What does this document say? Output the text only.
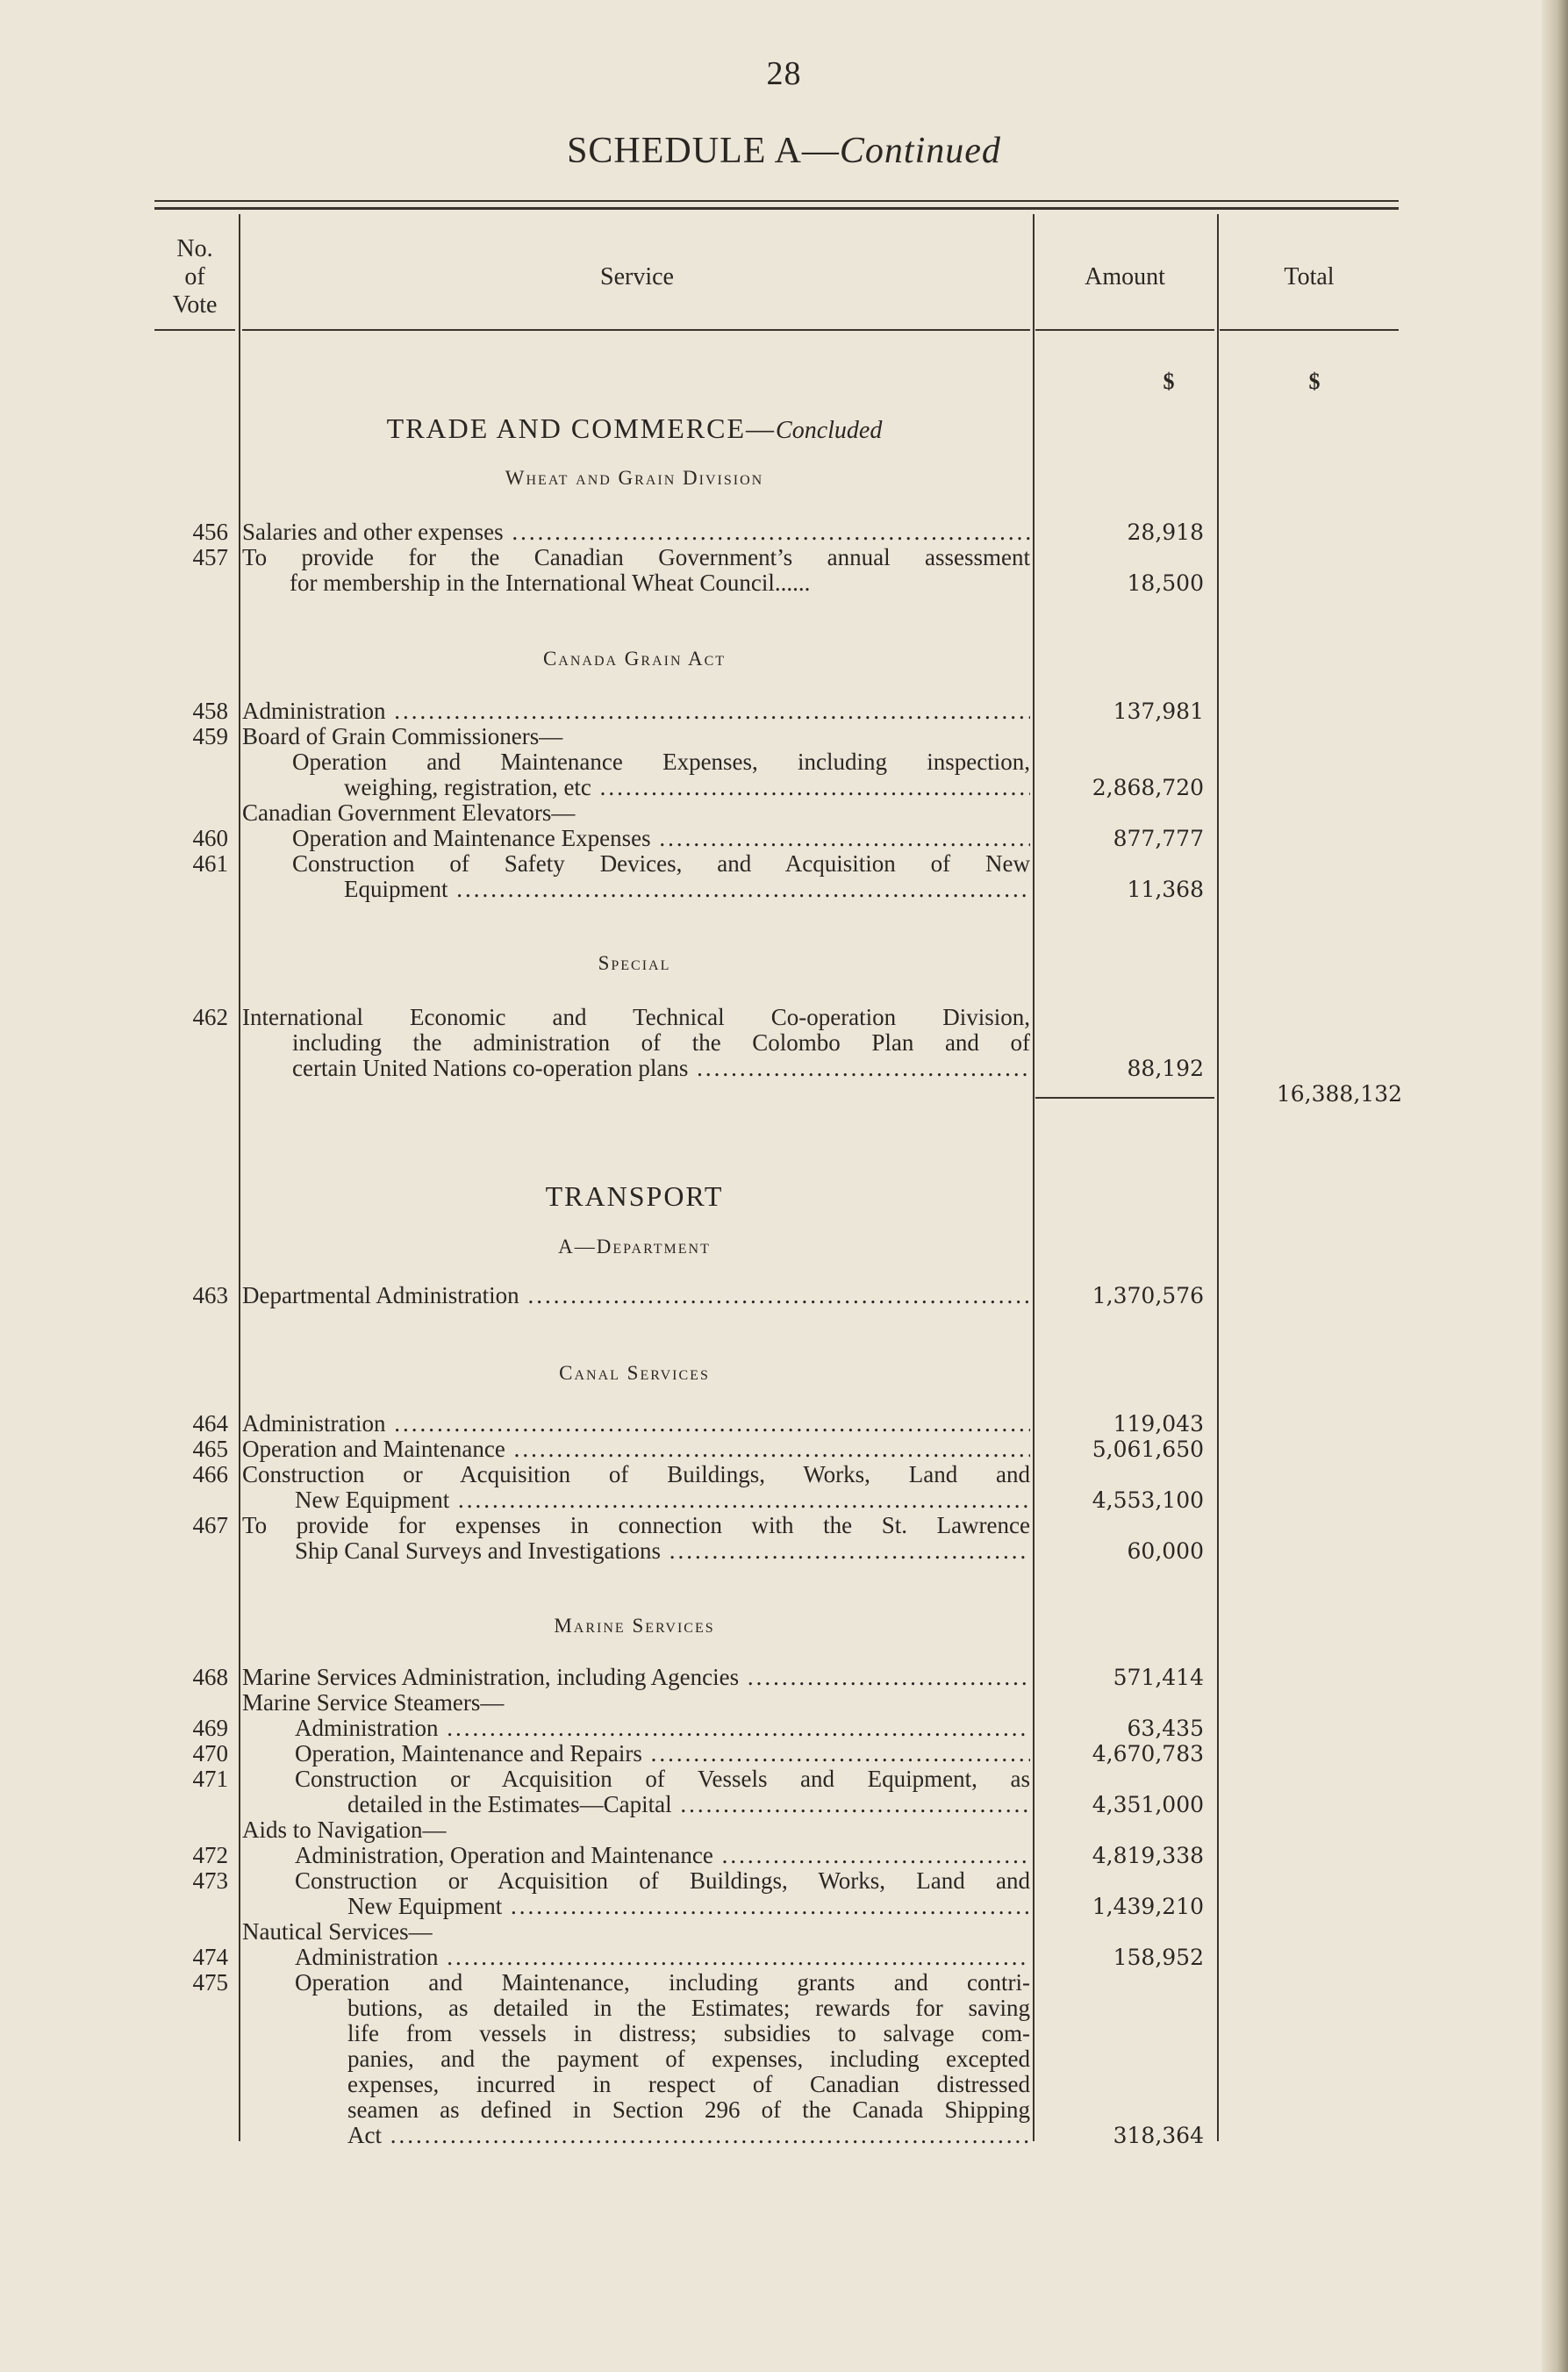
28
SCHEDULE A—Continued
No.
of
Vote
Service	Amount	Total
$	$
TRADE AND COMMERCE—Concluded
Wheat and Grain Division
456 Salaries and other expenses .....	28,918
457 To provide for the Canadian Government’s annual assessment
for membership in the International Wheat Council......	18,500
Canada Grain Act
458 Administration .....	137,981
459 Board of Grain Commissioners—
Operation and Maintenance Expenses, including inspection,
weighing, registration, etc .....	2,868,720
Canadian Government Elevators—
460	Operation and Maintenance Expenses .....	877,777
461	Construction of Safety Devices, and Acquisition of New
Equipment .....	11,368
Special
462 International Economic and Technical Co-operation Division,
including the administration of the Colombo Plan and of
certain United Nations co-operation plans .....	88,192
16,388,132
TRANSPORT
A—Department
463 Departmental Administration .....	1,370,576
Canal Services
464 Administration .....	119,043
465 Operation and Maintenance .....	5,061,650
466 Construction or Acquisition of Buildings, Works, Land and
New Equipment .....	4,553,100
467 To provide for expenses in connection with the St. Lawrence
Ship Canal Surveys and Investigations .....	60,000
Marine Services
468 Marine Services Administration, including Agencies .....	571,414
Marine Service Steamers—
469	Administration .....	63,435
470	Operation, Maintenance and Repairs .....	4,670,783
471	Construction or Acquisition of Vessels and Equipment, as
detailed in the Estimates—Capital .....	4,351,000
Aids to Navigation—
472	Administration, Operation and Maintenance .....	4,819,338
473	Construction or Acquisition of Buildings, Works, Land and
New Equipment .....	1,439,210
Nautical Services—
474	Administration .....	158,952
475	Operation and Maintenance, including grants and contri-
butions, as detailed in the Estimates; rewards for saving
life from vessels in distress; subsidies to salvage com-
panies, and the payment of expenses, including excepted
expenses, incurred in respect of Canadian distressed
seamen as defined in Section 296 of the Canada Shipping
Act .....	318,364
